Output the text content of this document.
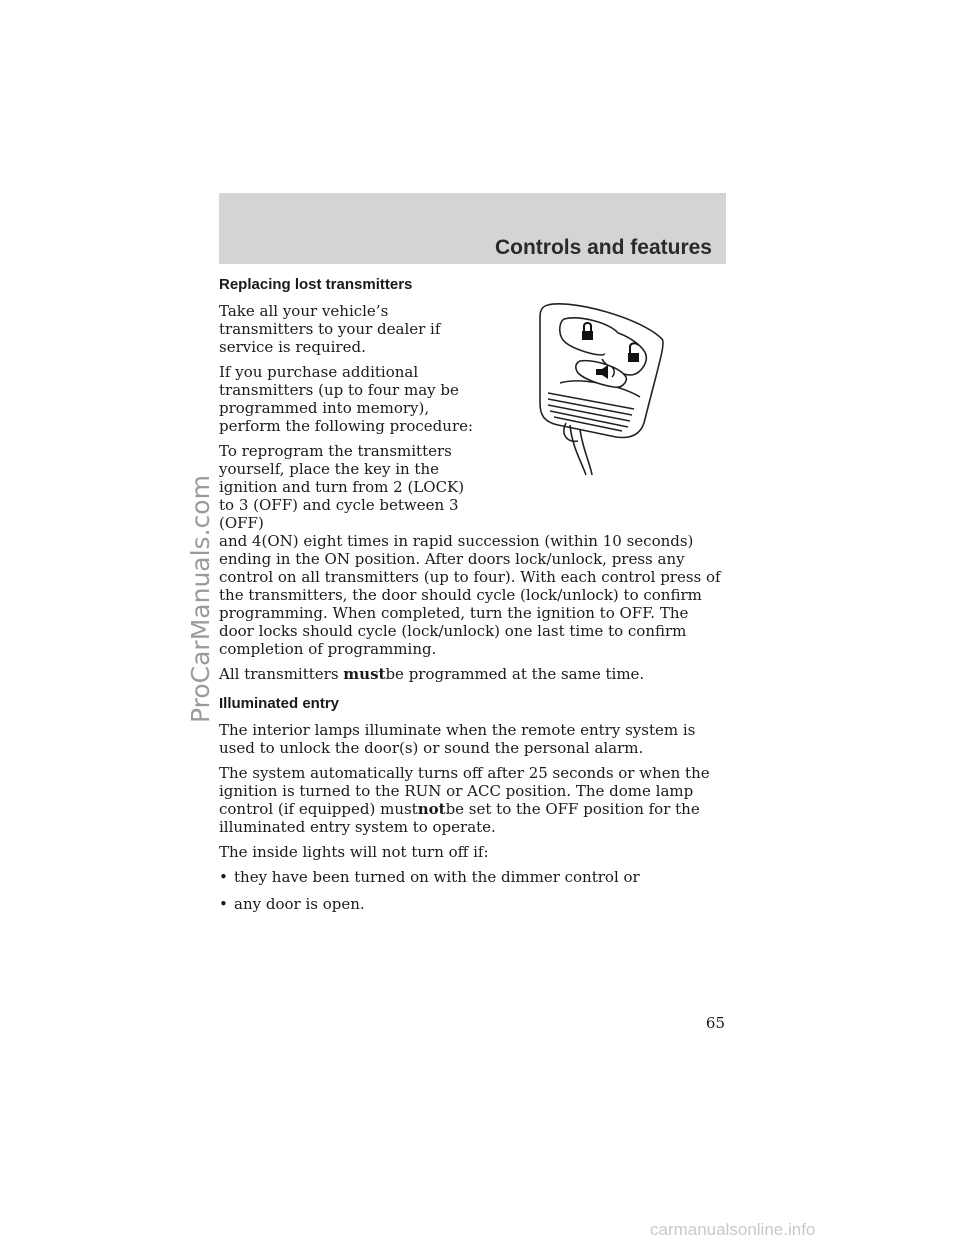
Controls and features
ProCarManuals.com
Replacing lost transmitters

Take all your vehicle’s transmitters to your dealer if service is required.

If you purchase additional transmitters (up to four may be programmed into memory), perform the following procedure:

To reprogram the transmitters yourself, place the key in the ignition and turn from 2 (LOCK) to 3 (OFF) and cycle between 3 (OFF)

and 4(ON) eight times in rapid succession (within 10 seconds) ending in the ON position. After doors lock/unlock, press any control on all transmitters (up to four). With each control press of the transmitters, the door should cycle (lock/unlock) to confirm programming. When completed, turn the ignition to OFF. The door locks should cycle (lock/unlock) one last time to confirm completion of programming.

All transmitters mustbe programmed at the same time.

Illuminated entry

The interior lamps illuminate when the remote entry system is used to unlock the door(s) or sound the personal alarm.

The system automatically turns off after 25 seconds or when the ignition is turned to the RUN or ACC position. The dome lamp control (if equipped) mustnotbe set to the OFF position for the illuminated entry system to operate.

The inside lights will not turn off if:

• they have been turned on with the dimmer control or
• any door is open.
65
carmanualsonline.info
